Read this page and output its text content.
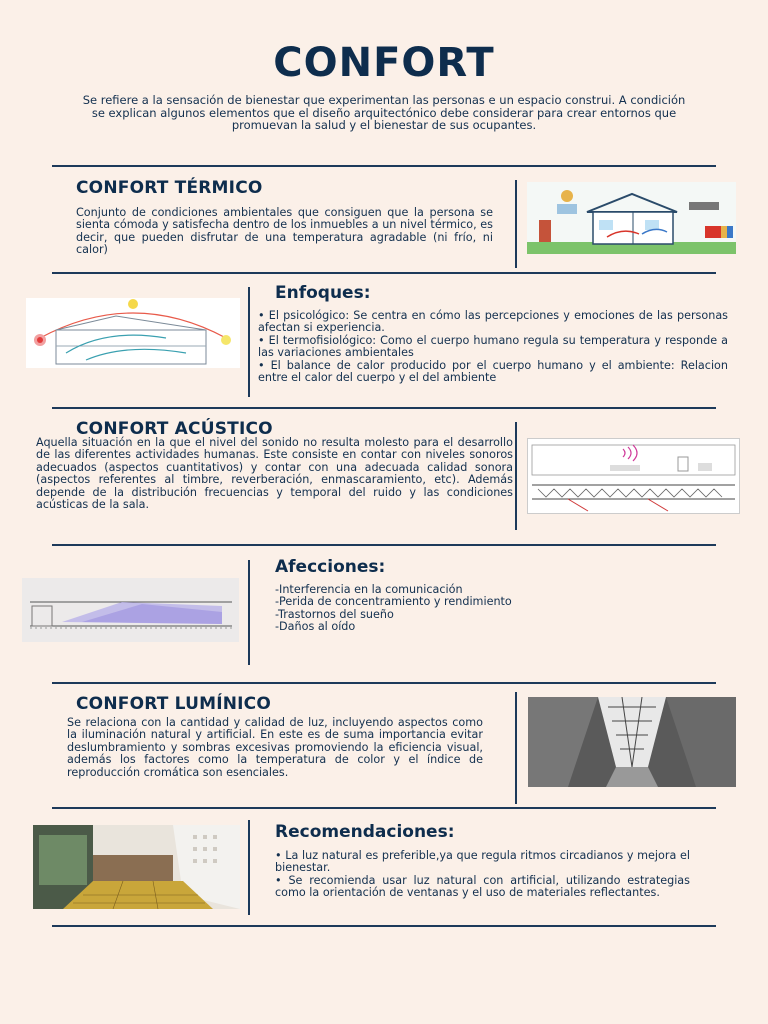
CONFORT
Se refiere a la sensación de bienestar que experimentan las personas e un espacio construi. A condición se explican algunos elementos que el diseño arquitectónico debe considerar para crear entornos que promuevan la salud y el bienestar de sus ocupantes.
CONFORT TÉRMICO
Conjunto de condiciones ambientales que consiguen que la persona se sienta cómoda y satisfecha dentro de los inmuebles a un nivel térmico, es decir, que pueden disfrutar de una temperatura agradable (ni frío, ni calor)
Enfoques:
• El psicológico: Se centra en cómo las percepciones y emociones de las personas afectan si experiencia.
• El termofisiológico: Como el cuerpo humano regula su temperatura y responde a las variaciones ambientales
• El balance de calor producido por el cuerpo humano y el ambiente: Relacion entre el calor del cuerpo y el del ambiente
CONFORT ACÚSTICO
Aquella situación en la que el nivel del sonido no resulta molesto para el desarrollo de las diferentes actividades humanas. Este consiste en contar con niveles sonoros adecuados (aspectos cuantitativos) y contar con una adecuada calidad sonora (aspectos referentes al timbre, reverberación, enmascaramiento, etc). Además depende de la distribución frecuencias y temporal del ruido y las condiciones acústicas de la sala.
Afecciones:
-Interferencia en la comunicación
-Perida de concentramiento y rendimiento
-Trastornos del sueño
-Daños al oído
CONFORT LUMÍNICO
Se relaciona con la cantidad y calidad de luz, incluyendo aspectos como la iluminación natural y artificial. En este es de suma importancia evitar deslumbramiento y sombras excesivas promoviendo la eficiencia visual, además los factores como la temperatura de color y el índice de reproducción cromática son esenciales.
Recomendaciones:
• La luz natural es preferible,ya que regula ritmos circadianos y mejora el bienestar.
• Se recomienda usar luz natural con artificial, utilizando estrategias como la orientación de ventanas y el uso de materiales reflectantes.
